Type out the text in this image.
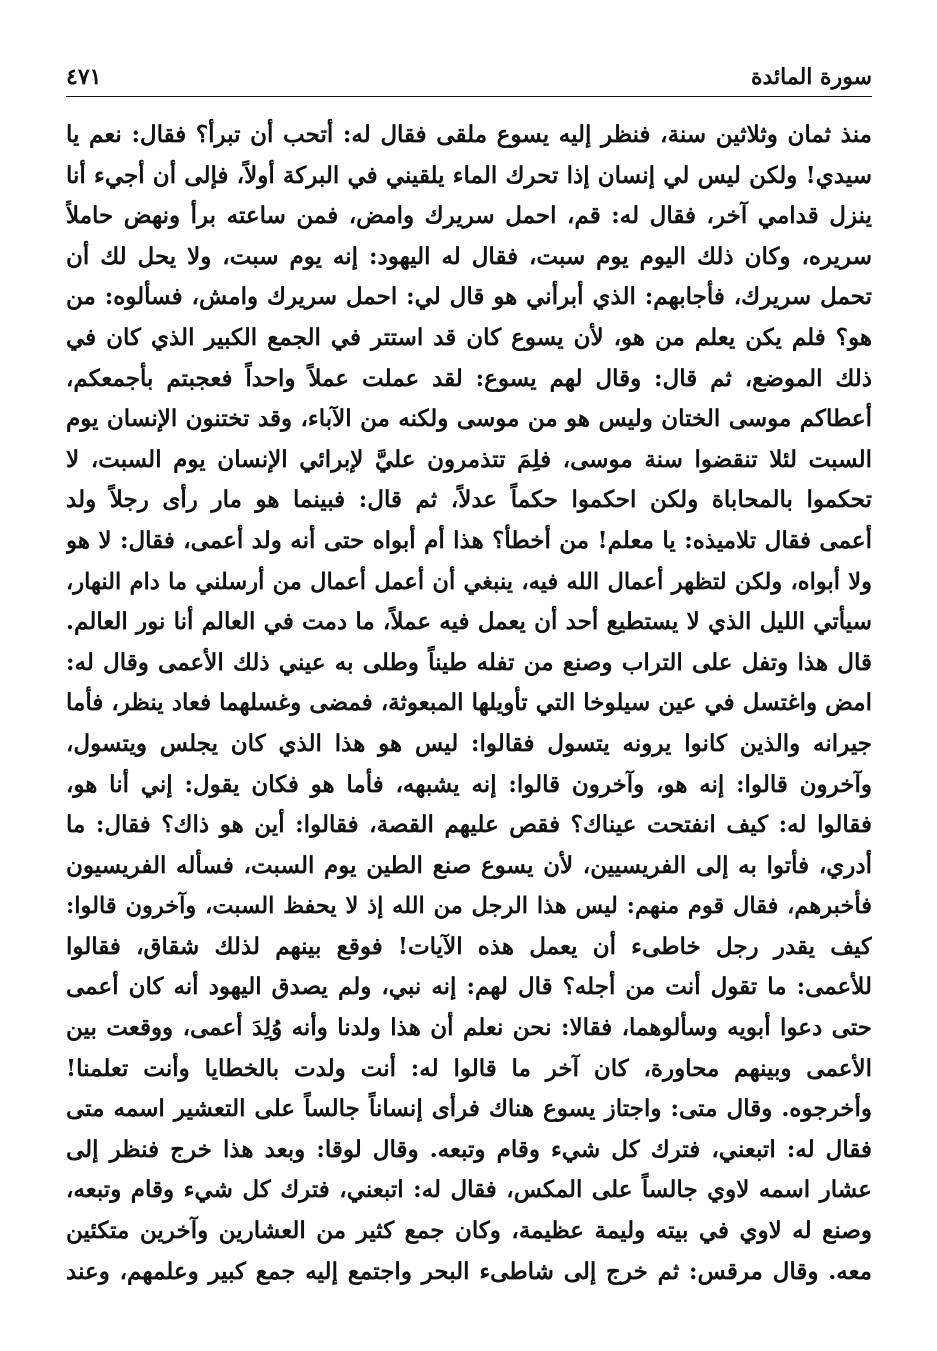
سورة المائدة
٤٧١
منذ ثمان وثلاثين سنة، فنظر إليه يسوع ملقى فقال له: أتحب أن تبرأ؟ فقال: نعم يا
سيدي! ولكن ليس لي إنسان إذا تحرك الماء يلقيني في البركة أولاً، فإلى أن أجيء أنا
ينزل قدامي آخر، فقال له: قم، احمل سريرك وامض، فمن ساعته برأ ونهض حاملاً
سريره، وكان ذلك اليوم يوم سبت، فقال له اليهود: إنه يوم سبت، ولا يحل لك أن
تحمل سريرك، فأجابهم: الذي أبرأني هو قال لي: احمل سريرك وامش، فسألوه: من
هو؟ فلم يكن يعلم من هو، لأن يسوع كان قد استتر في الجمع الكبير الذي كان في
ذلك الموضع، ثم قال: وقال لهم يسوع: لقد عملت عملاً واحداً فعجبتم بأجمعكم،
أعطاكم موسى الختان وليس هو من موسى ولكنه من الآباء، وقد تختنون الإنسان يوم
السبت لئلا تنقضوا سنة موسى، فلِمَ تتذمرون عليَّ لإبرائي الإنسان يوم السبت، لا
تحكموا بالمحاباة ولكن احكموا حكماً عدلاً، ثم قال: فبينما هو مار رأى رجلاً ولد
أعمى فقال تلاميذه: يا معلم! من أخطأ؟ هذا أم أبواه حتى أنه ولد أعمى، فقال: لا هو
ولا أبواه، ولكن لتظهر أعمال الله فيه، ينبغي أن أعمل أعمال من أرسلني ما دام النهار،
سيأتي الليل الذي لا يستطيع أحد أن يعمل فيه عملاً، ما دمت في العالم أنا نور العالم.
قال هذا وتفل على التراب وصنع من تفله طيناً وطلى به عيني ذلك الأعمى وقال له:
امض واغتسل في عين سيلوخا التي تأويلها المبعوثة، فمضى وغسلهما فعاد ينظر، فأما
جيرانه والذين كانوا يرونه يتسول فقالوا: ليس هو هذا الذي كان يجلس ويتسول،
وآخرون قالوا: إنه هو، وآخرون قالوا: إنه يشبهه، فأما هو فكان يقول: إني أنا هو،
فقالوا له: كيف انفتحت عيناك؟ فقص عليهم القصة، فقالوا: أين هو ذاك؟ فقال: ما
أدري، فأتوا به إلى الفريسيين، لأن يسوع صنع الطين يوم السبت، فسأله الفريسيون
فأخبرهم، فقال قوم منهم: ليس هذا الرجل من الله إذ لا يحفظ السبت، وآخرون قالوا:
كيف يقدر رجل خاطىء أن يعمل هذه الآيات! فوقع بينهم لذلك شقاق، فقالوا
للأعمى: ما تقول أنت من أجله؟ قال لهم: إنه نبي، ولم يصدق اليهود أنه كان أعمى
حتى دعوا أبويه وسألوهما، فقالا: نحن نعلم أن هذا ولدنا وأنه وُلِدَ أعمى، ووقعت بين
الأعمى وبينهم محاورة، كان آخر ما قالوا له: أنت ولدت بالخطايا وأنت تعلمنا!
وأخرجوه. وقال متى: واجتاز يسوع هناك فرأى إنساناً جالساً على التعشير اسمه متى
فقال له: اتبعني، فترك كل شيء وقام وتبعه. وقال لوقا: وبعد هذا خرج فنظر إلى
عشار اسمه لاوي جالساً على المكس، فقال له: اتبعني، فترك كل شيء وقام وتبعه،
وصنع له لاوي في بيته وليمة عظيمة، وكان جمع كثير من العشارين وآخرين متكئين
معه. وقال مرقس: ثم خرج إلى شاطىء البحر واجتمع إليه جمع كبير وعلمهم، وعند
